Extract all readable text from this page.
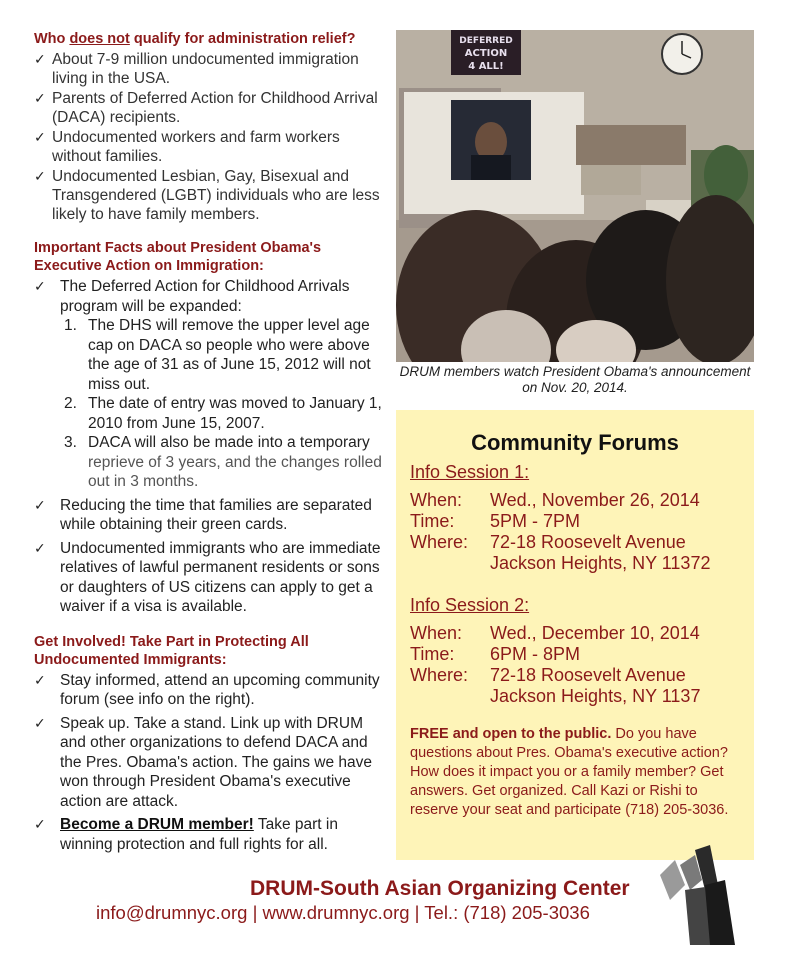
Who does not qualify for administration relief?

✓ About 7-9 million undocumented immigration living in the USA.
✓ Parents of Deferred Action for Childhood Arrival (DACA) recipients.
✓ Undocumented workers and farm workers without families.
✓ Undocumented Lesbian, Gay, Bisexual and Transgendered (LGBT) individuals who are less likely to have family members.

Important Facts about President Obama's
Executive Action on Immigration:

✓ The Deferred Action for Childhood Arrivals program will be expanded:
1. The DHS will remove the upper level age cap on DACA so people who were above the age of 31 as of June 15, 2012 will not miss out.
2. The date of entry was moved to January 1, 2010 from June 15, 2007.
3. DACA will also be made into a temporary reprieve of 3 years, and the changes rolled out in 3 months.
✓ Reducing the time that families are separated while obtaining their green cards.
✓ Undocumented immigrants who are immediate relatives of lawful permanent residents or sons or daughters of US citizens can apply to get a waiver if a visa is available.

Get Involved! Take Part in Protecting All
Undocumented Immigrants:

✓ Stay informed, attend an upcoming community forum (see info on the right).
✓ Speak up. Take a stand. Link up with DRUM and other organizations to defend DACA and the Pres. Obama's action. The gains we have won through President Obama's executive action are attack.
✓ Become a DRUM member! Take part in winning protection and full rights for all.
DEFERRED
ACTION
4 ALL!
DRUM members watch President Obama's announcement on Nov. 20, 2014.
Community Forums
Info Session 1:
When: Wed., November 26, 2014
Time: 5PM - 7PM
Where: 72-18 Roosevelt Avenue
Jackson Heights, NY 11372
Info Session 2:
When: Wed., December 10, 2014
Time: 6PM - 8PM
Where: 72-18 Roosevelt Avenue
Jackson Heights, NY 1137
FREE and open to the public. Do you have questions about Pres. Obama's executive action? How does it impact you or a family member? Get answers. Get organized. Call Kazi or Rishi to reserve your seat and participate (718) 205-3036.
DRUM-South Asian Organizing Center
info@drumnyc.org | www.drumnyc.org | Tel.: (718) 205-3036
